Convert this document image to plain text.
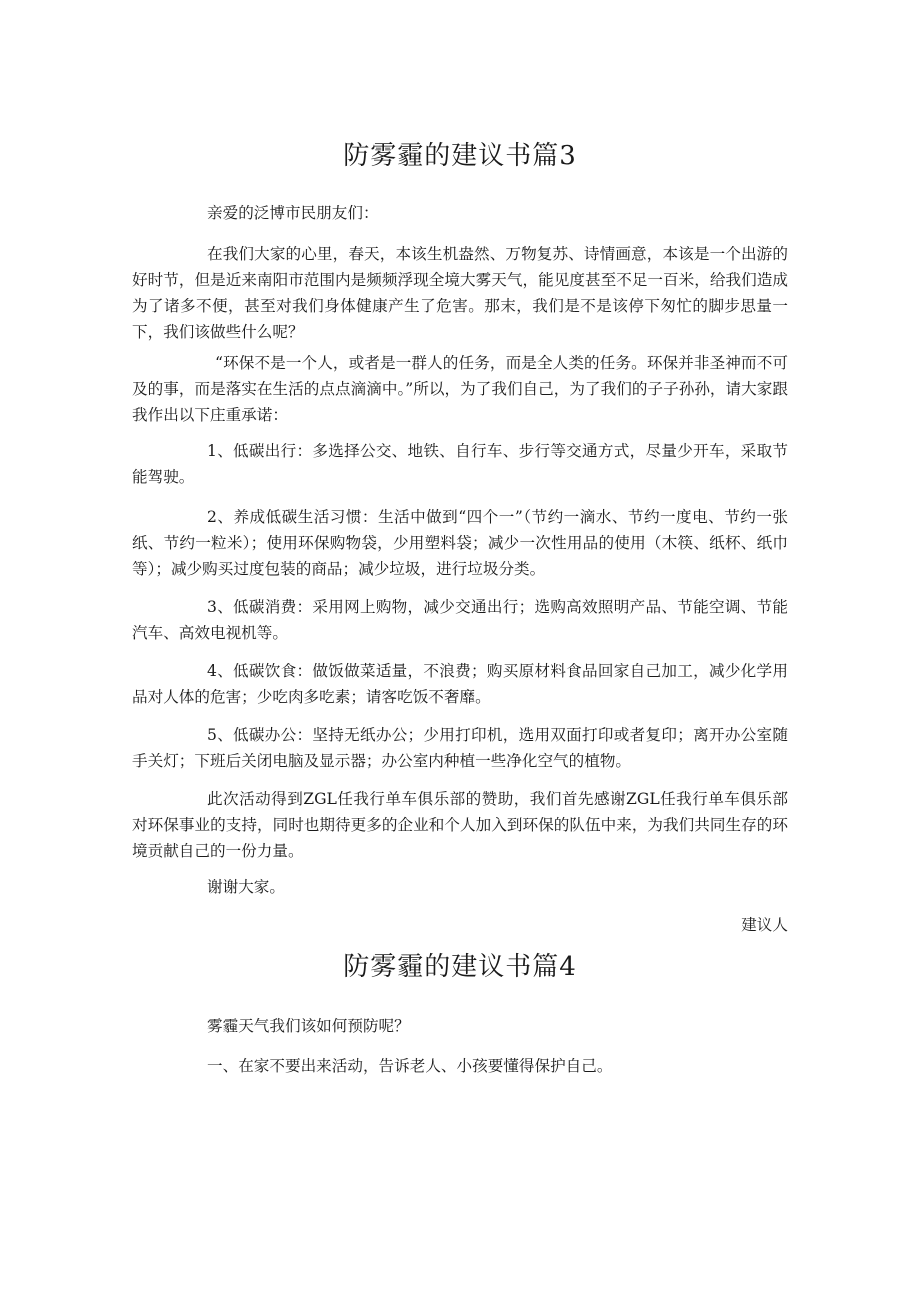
防雾霾的建议书篇3

亲爱的泛博市民朋友们：

在我们大家的心里，春天，本该生机盎然、万物复苏、诗情画意，本该是一个出游的好时节，但是近来南阳市范围内是频频浮现全境大雾天气，能见度甚至不足一百米，给我们造成为了诸多不便，甚至对我们身体健康产生了危害。那末，我们是不是该停下匆忙的脚步思量一下，我们该做些什么呢？

“环保不是一个人，或者是一群人的任务，而是全人类的任务。环保并非圣神而不可及的事，而是落实在生活的点点滴滴中。”所以，为了我们自己，为了我们的子子孙孙，请大家跟我作出以下庄重承诺：

1、低碳出行：多选择公交、地铁、自行车、步行等交通方式，尽量少开车，采取节能驾驶。

2、养成低碳生活习惯：生活中做到“四个一”（节约一滴水、节约一度电、节约一张纸、节约一粒米）；使用环保购物袋，少用塑料袋；减少一次性用品的使用（木筷、纸杯、纸巾等）；减少购买过度包装的商品；减少垃圾，进行垃圾分类。

3、低碳消费：采用网上购物，减少交通出行；选购高效照明产品、节能空调、节能汽车、高效电视机等。

4、低碳饮食：做饭做菜适量，不浪费；购买原材料食品回家自己加工，减少化学用品对人体的危害；少吃肉多吃素；请客吃饭不奢靡。

5、低碳办公：坚持无纸办公；少用打印机，选用双面打印或者复印；离开办公室随手关灯；下班后关闭电脑及显示器；办公室内种植一些净化空气的植物。

此次活动得到ZGL任我行单车俱乐部的赞助，我们首先感谢ZGL任我行单车俱乐部对环保事业的支持，同时也期待更多的企业和个人加入到环保的队伍中来，为我们共同生存的环境贡献自己的一份力量。

谢谢大家。

建议人

防雾霾的建议书篇4

雾霾天气我们该如何预防呢？

一、在家不要出来活动，告诉老人、小孩要懂得保护自己。
